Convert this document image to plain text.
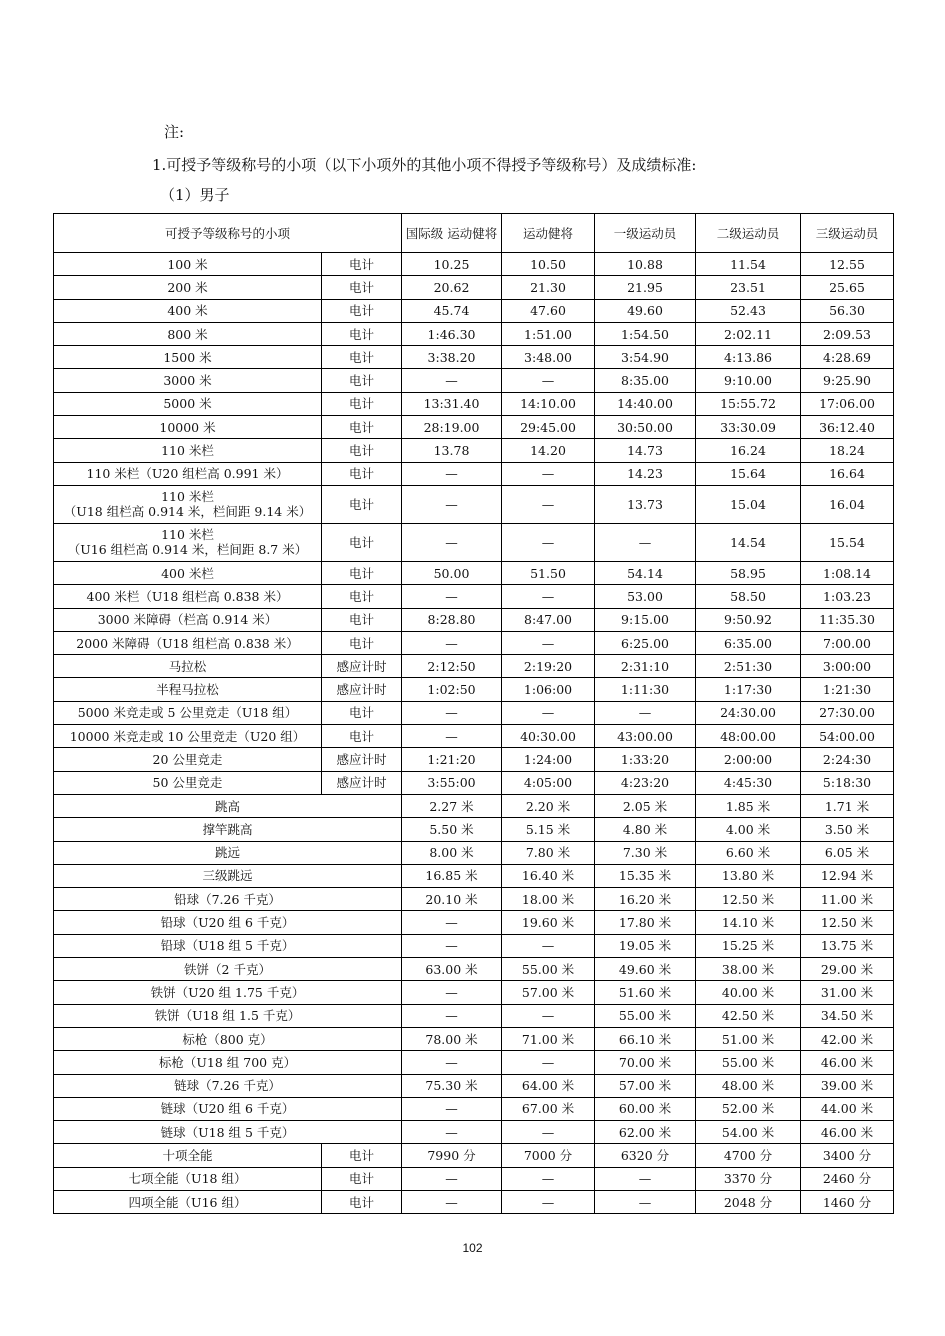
注:
1.可授予等级称号的小项（以下小项外的其他小项不得授予等级称号）及成绩标准:
（1）男子
可授予等级称号的小项		国际级 运动健将	运动健将	一级运动员	二级运动员	三级运动员
100 米	电计	10.25	10.50	10.88	11.54	12.55
200 米	电计	20.62	21.30	21.95	23.51	25.65
400 米	电计	45.74	47.60	49.60	52.43	56.30
800 米	电计	1:46.30	1:51.00	1:54.50	2:02.11	2:09.53
1500 米	电计	3:38.20	3:48.00	3:54.90	4:13.86	4:28.69
3000 米	电计	—	—	8:35.00	9:10.00	9:25.90
5000 米	电计	13:31.40	14:10.00	14:40.00	15:55.72	17:06.00
10000 米	电计	28:19.00	29:45.00	30:50.00	33:30.09	36:12.40
110 米栏	电计	13.78	14.20	14.73	16.24	18.24
110 米栏（U20 组栏高 0.991 米）	电计	—	—	14.23	15.64	16.64
110 米栏
（U18 组栏高 0.914 米，栏间距 9.14 米）	电计	—	—	13.73	15.04	16.04
110 米栏
（U16 组栏高 0.914 米，栏间距 8.7 米）	电计	—	—	—	14.54	15.54
400 米栏	电计	50.00	51.50	54.14	58.95	1:08.14
400 米栏（U18 组栏高 0.838 米）	电计	—	—	53.00	58.50	1:03.23
3000 米障碍（栏高 0.914 米）	电计	8:28.80	8:47.00	9:15.00	9:50.92	11:35.30
2000 米障碍（U18 组栏高 0.838 米）	电计	—	—	6:25.00	6:35.00	7:00.00
马拉松	感应计时	2:12:50	2:19:20	2:31:10	2:51:30	3:00:00
半程马拉松	感应计时	1:02:50	1:06:00	1:11:30	1:17:30	1:21:30
5000 米竞走或 5 公里竞走（U18 组）	电计	—	—	—	24:30.00	27:30.00
10000 米竞走或 10 公里竞走（U20 组）	电计	—	40:30.00	43:00.00	48:00.00	54:00.00
20 公里竞走	感应计时	1:21:20	1:24:00	1:33:20	2:00:00	2:24:30
50 公里竞走	感应计时	3:55:00	4:05:00	4:23:20	4:45:30	5:18:30
跳高		2.27 米	2.20 米	2.05 米	1.85 米	1.71 米
撑竿跳高		5.50 米	5.15 米	4.80 米	4.00 米	3.50 米
跳远		8.00 米	7.80 米	7.30 米	6.60 米	6.05 米
三级跳远		16.85 米	16.40 米	15.35 米	13.80 米	12.94 米
铅球（7.26 千克）		20.10 米	18.00 米	16.20 米	12.50 米	11.00 米
铅球（U20 组 6 千克）		—	19.60 米	17.80 米	14.10 米	12.50 米
铅球（U18 组 5 千克）		—	—	19.05 米	15.25 米	13.75 米
铁饼（2 千克）		63.00 米	55.00 米	49.60 米	38.00 米	29.00 米
铁饼（U20 组 1.75 千克）		—	57.00 米	51.60 米	40.00 米	31.00 米
铁饼（U18 组 1.5 千克）		—	—	55.00 米	42.50 米	34.50 米
标枪（800 克）		78.00 米	71.00 米	66.10 米	51.00 米	42.00 米
标枪（U18 组 700 克）		—	—	70.00 米	55.00 米	46.00 米
链球（7.26 千克）		75.30 米	64.00 米	57.00 米	48.00 米	39.00 米
链球（U20 组 6 千克）		—	67.00 米	60.00 米	52.00 米	44.00 米
链球（U18 组 5 千克）		—	—	62.00 米	54.00 米	46.00 米
十项全能	电计	7990 分	7000 分	6320 分	4700 分	3400 分
七项全能（U18 组）	电计	—	—	—	3370 分	2460 分
四项全能（U16 组）	电计	—	—	—	2048 分	1460 分
102
